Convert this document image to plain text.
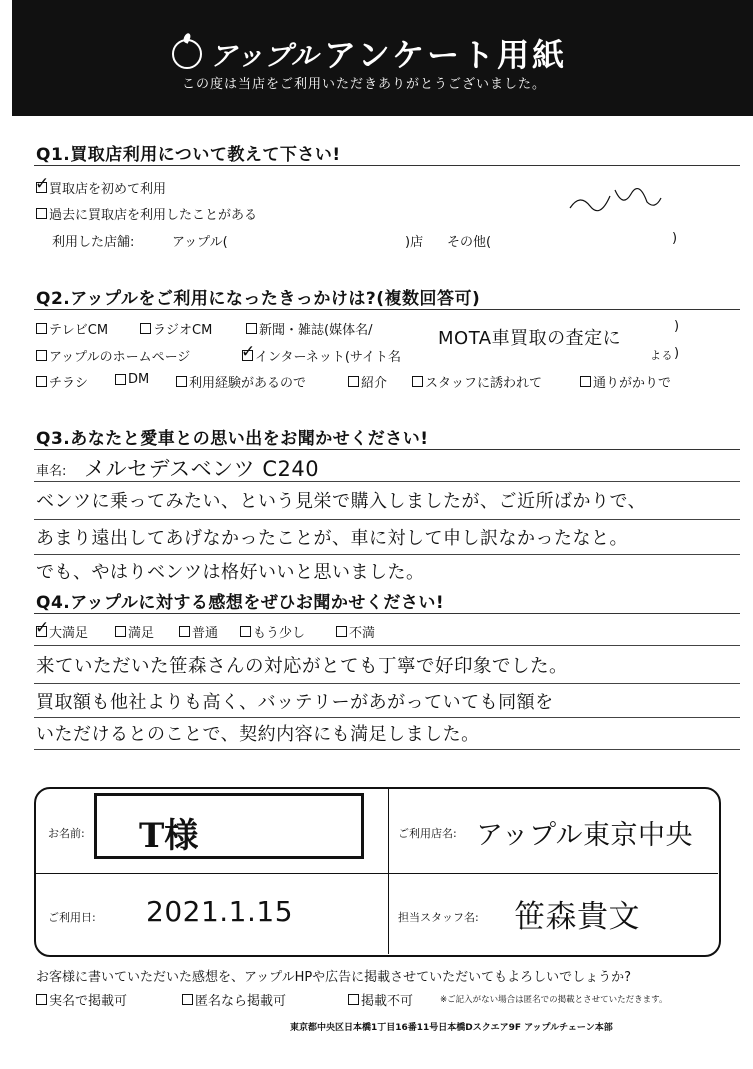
アップル アンケート用紙
この度は当店をご利用いただきありがとうございました。
Q1.買取店利用について教えて下さい!
✓
買取店を初めて利用
過去に買取店を利用したことがある
利用した店舗:	アップル(	)店 その他(	)
Q2.アップルをご利用になったきっかけは?(複数回答可)
テレビCM	ラジオCM	新聞・雑誌(媒体名/
アップルのホームページ
✓	インターネット(サイト名
)
)
MOTA車買取の査定に
よる
チラシ	DM	利用経験があるので	紹介	スタッフに誘われて	通りがかりで
Q3.あなたと愛車との思い出をお聞かせください!
車名: メルセデスベンツ C240
ベンツに乗ってみたい、という見栄で購入しましたが、ご近所ばかりで、
あまり遠出してあげなかったことが、車に対して申し訳なかったなと。
でも、やはりベンツは格好いいと思いました。
Q4.アップルに対する感想をぜひお聞かせください!
✓
大満足	満足	普通	もう少し	不満
来ていただいた笹森さんの対応がとても丁寧で好印象でした。
買取額も他社よりも高く、バッテリーがあがっていても同額を
いただけるとのことで、契約内容にも満足しました。
お名前: T様	ご利用店名: アップル東京中央
ご利用日: 2021.1.15	担当スタッフ名: 笹森貴文
お客様に書いていただいた感想を、アップルHPや広告に掲載させていただいてもよろしいでしょうか?
実名で掲載可	匿名なら掲載可	掲載不可	※ご記入がない場合は匿名での掲載とさせていただきます。
東京都中央区日本橋1丁目16番11号日本橋Dスクエア9F アップルチェーン本部
